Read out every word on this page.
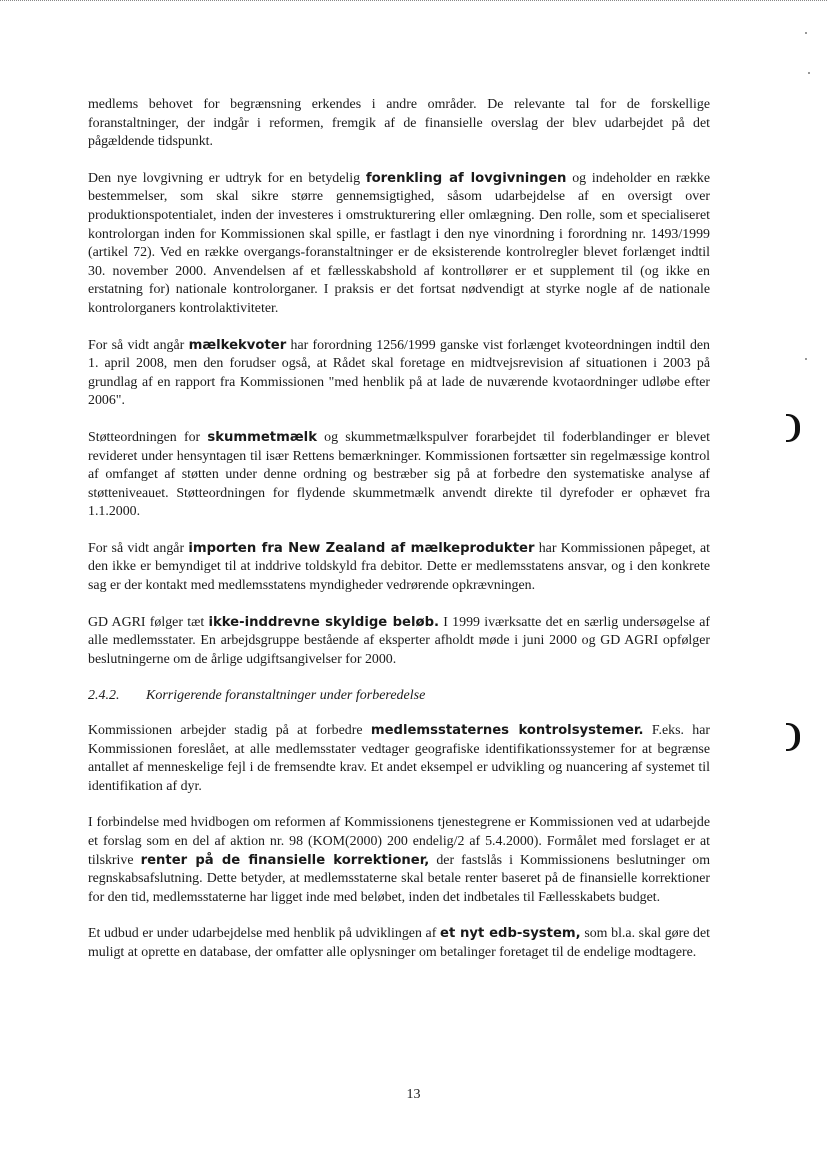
medlems behovet for begrænsning erkendes i andre områder. De relevante tal for de forskellige foranstaltninger, der indgår i reformen, fremgik af de finansielle overslag der blev udarbejdet på det pågældende tidspunkt.

Den nye lovgivning er udtryk for en betydelig forenkling af lovgivningen og indeholder en række bestemmelser, som skal sikre større gennemsigtighed, såsom udarbejdelse af en oversigt over produktionspotentialet, inden der investeres i omstrukturering eller omlægning. Den rolle, som et specialiseret kontrolorgan inden for Kommissionen skal spille, er fastlagt i den nye vinordning i forordning nr. 1493/1999 (artikel 72). Ved en række overgangs-foranstaltninger er de eksisterende kontrolregler blevet forlænget indtil 30. november 2000. Anvendelsen af et fællesskabshold af kontrollører er et supplement til (og ikke en erstatning for) nationale kontrolorganer. I praksis er det fortsat nødvendigt at styrke nogle af de nationale kontrolorganers kontrolaktiviteter.

For så vidt angår mælkekvoter har forordning 1256/1999 ganske vist forlænget kvoteordningen indtil den 1. april 2008, men den forudser også, at Rådet skal foretage en midtvejsrevision af situationen i 2003 på grundlag af en rapport fra Kommissionen "med henblik på at lade de nuværende kvotaordninger udløbe efter 2006".

Støtteordningen for skummetmælk og skummetmælkspulver forarbejdet til foderblandinger er blevet revideret under hensyntagen til især Rettens bemærkninger. Kommissionen fortsætter sin regelmæssige kontrol af omfanget af støtten under denne ordning og bestræber sig på at forbedre den systematiske analyse af støtteniveauet. Støtteordningen for flydende skummetmælk anvendt direkte til dyrefoder er ophævet fra 1.1.2000.

For så vidt angår importen fra New Zealand af mælkeprodukter har Kommissionen påpeget, at den ikke er bemyndiget til at inddrive toldskyld fra debitor. Dette er medlemsstatens ansvar, og i den konkrete sag er der kontakt med medlemsstatens myndigheder vedrørende opkrævningen.

GD AGRI følger tæt ikke-inddrevne skyldige beløb. I 1999 iværksatte det en særlig undersøgelse af alle medlemsstater. En arbejdsgruppe bestående af eksperter afholdt møde i juni 2000 og GD AGRI opfølger beslutningerne om de årlige udgiftsangivelser for 2000.

2.4.2. Korrigerende foranstaltninger under forberedelse

Kommissionen arbejder stadig på at forbedre medlemsstaternes kontrolsystemer. F.eks. har Kommissionen foreslået, at alle medlemsstater vedtager geografiske identifikationssystemer for at begrænse antallet af menneskelige fejl i de fremsendte krav. Et andet eksempel er udvikling og nuancering af systemet til identifikation af dyr.

I forbindelse med hvidbogen om reformen af Kommissionens tjenestegrene er Kommissionen ved at udarbejde et forslag som en del af aktion nr. 98 (KOM(2000) 200 endelig/2 af 5.4.2000). Formålet med forslaget er at tilskrive renter på de finansielle korrektioner, der fastslås i Kommissionens beslutninger om regnskabsafslutning. Dette betyder, at medlemsstaterne skal betale renter baseret på de finansielle korrektioner for den tid, medlemsstaterne har ligget inde med beløbet, inden det indbetales til Fællesskabets budget.

Et udbud er under udarbejdelse med henblik på udviklingen af et nyt edb-system, som bl.a. skal gøre det muligt at oprette en database, der omfatter alle oplysninger om betalinger foretaget til de endelige modtagere.

13
